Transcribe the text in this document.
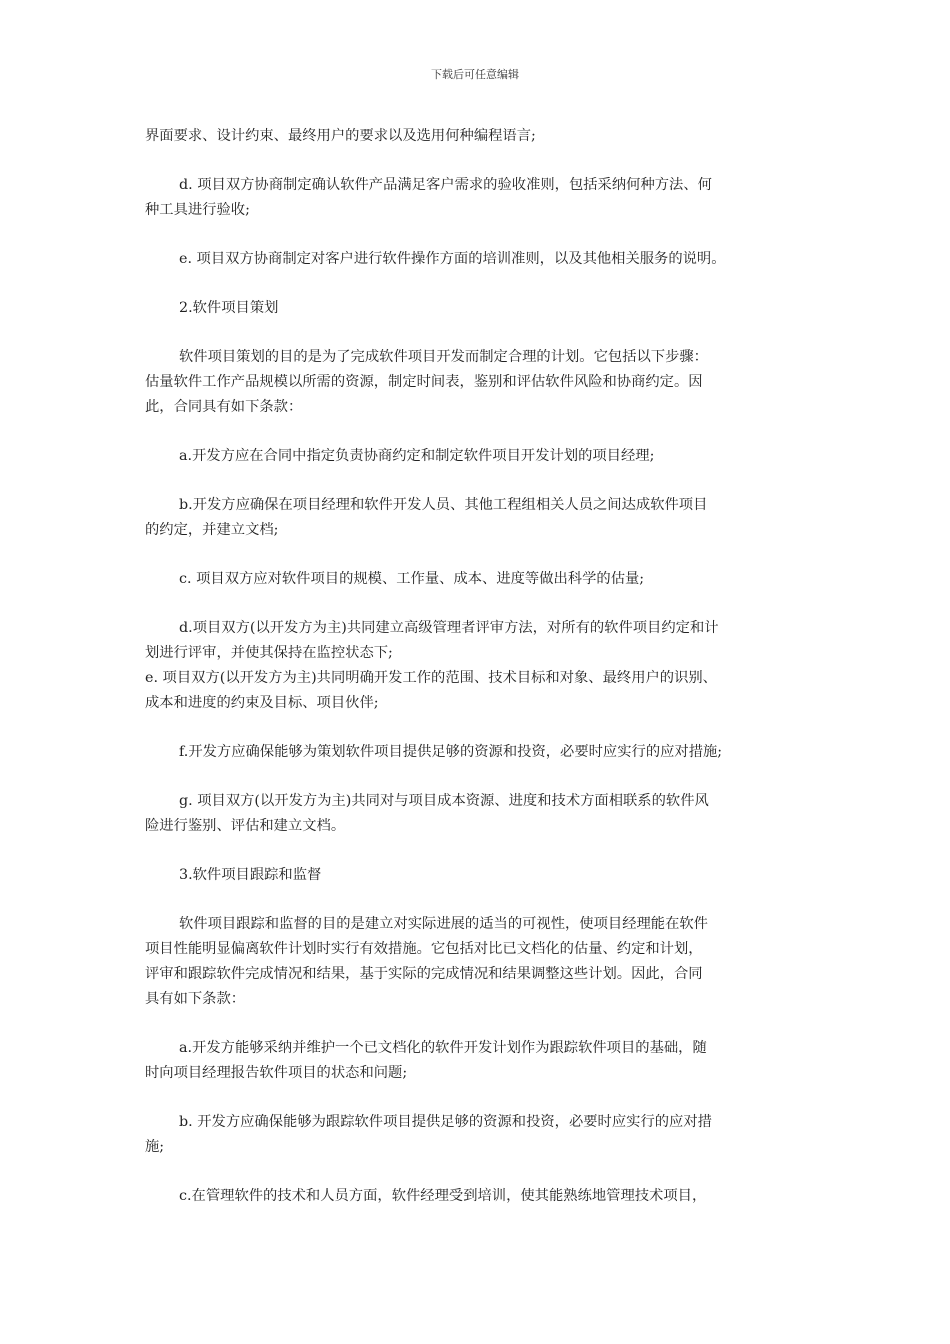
下载后可任意编辑

界面要求、设计约束、最终用户的要求以及选用何种编程语言;

d. 项目双方协商制定确认软件产品满足客户需求的验收准则，包括采纳何种方法、何

种工具进行验收;

e. 项目双方协商制定对客户进行软件操作方面的培训准则，以及其他相关服务的说明。

2.软件项目策划

软件项目策划的目的是为了完成软件项目开发而制定合理的计划。它包括以下步骤：

估量软件工作产品规模以所需的资源，制定时间表，鉴别和评估软件风险和协商约定。因

此，合同具有如下条款：

a.开发方应在合同中指定负责协商约定和制定软件项目开发计划的项目经理;

b.开发方应确保在项目经理和软件开发人员、其他工程组相关人员之间达成软件项目

的约定，并建立文档;

c. 项目双方应对软件项目的规模、工作量、成本、进度等做出科学的估量;

d.项目双方(以开发方为主)共同建立高级管理者评审方法，对所有的软件项目约定和计

划进行评审，并使其保持在监控状态下;

e. 项目双方(以开发方为主)共同明确开发工作的范围、技术目标和对象、最终用户的识别、

成本和进度的约束及目标、项目伙伴;

f.开发方应确保能够为策划软件项目提供足够的资源和投资，必要时应实行的应对措施;

g. 项目双方(以开发方为主)共同对与项目成本资源、进度和技术方面相联系的软件风

险进行鉴别、评估和建立文档。

3.软件项目跟踪和监督

软件项目跟踪和监督的目的是建立对实际进展的适当的可视性，使项目经理能在软件

项目性能明显偏离软件计划时实行有效措施。它包括对比已文档化的估量、约定和计划，

评审和跟踪软件完成情况和结果，基于实际的完成情况和结果调整这些计划。因此，合同

具有如下条款：

a.开发方能够采纳并维护一个已文档化的软件开发计划作为跟踪软件项目的基础，随

时向项目经理报告软件项目的状态和问题;

b. 开发方应确保能够为跟踪软件项目提供足够的资源和投资，必要时应实行的应对措

施;

c.在管理软件的技术和人员方面，软件经理受到培训，使其能熟练地管理技术项目，
